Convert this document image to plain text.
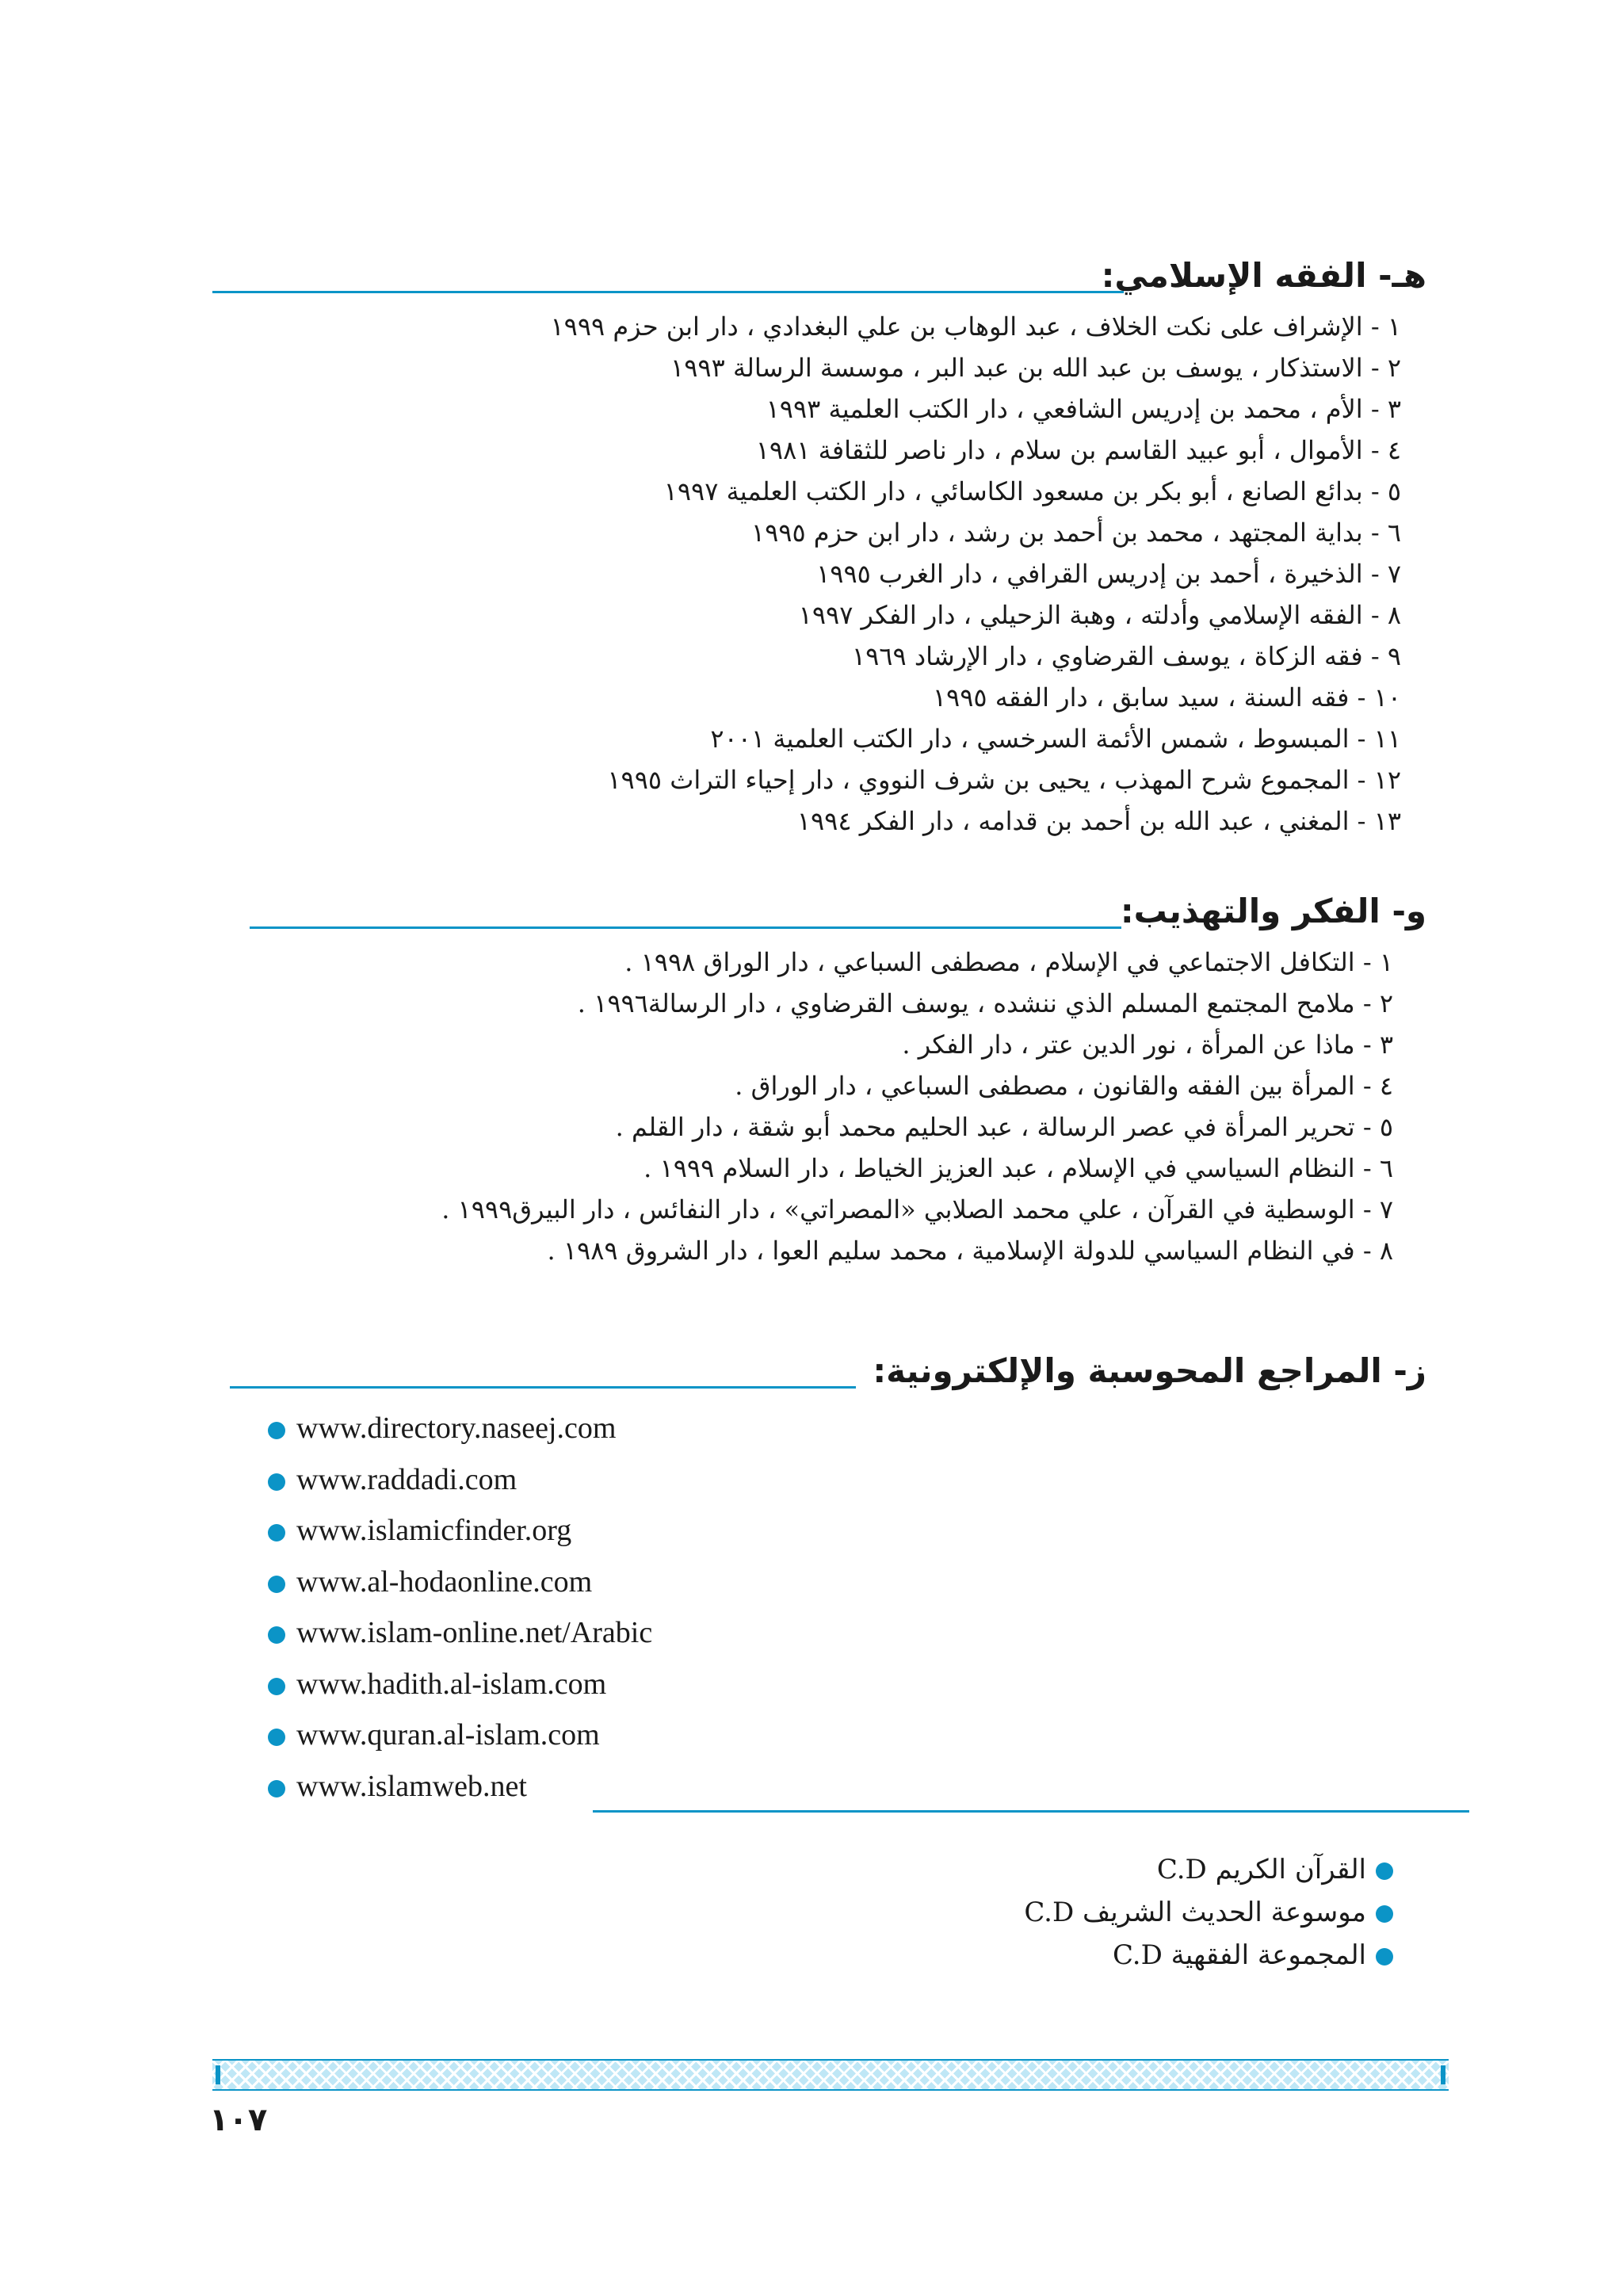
هـ- الفقه الإسلامي:
١ - الإشراف على نكت الخلاف ، عبد الوهاب بن علي البغدادي ، دار ابن حزم ١٩٩٩
٢ - الاستذكار ، يوسف بن عبد الله بن عبد البر ، موسسة الرسالة ١٩٩٣
٣ - الأم ، محمد بن إدريس الشافعي ، دار الكتب العلمية ١٩٩٣
٤ - الأموال ، أبو عبيد القاسم بن سلام ، دار ناصر للثقافة ١٩٨١
٥ - بدائع الصانع ، أبو بكر بن مسعود الكاسائي ، دار الكتب العلمية ١٩٩٧
٦ - بداية المجتهد ، محمد بن أحمد بن رشد ، دار ابن حزم ١٩٩٥
٧ - الذخيرة ، أحمد بن إدريس القرافي ، دار الغرب ١٩٩٥
٨ - الفقه الإسلامي وأدلته ، وهبة الزحيلي ، دار الفكر ١٩٩٧
٩ - فقه الزكاة ، يوسف القرضاوي ، دار الإرشاد ١٩٦٩
١٠ - فقه السنة ، سيد سابق ، دار الفقه ١٩٩٥
١١ - المبسوط ، شمس الأئمة السرخسي ، دار الكتب العلمية ٢٠٠١
١٢ - المجموع شرح المهذب ، يحيى بن شرف النووي ، دار إحياء التراث ١٩٩٥
١٣ - المغني ، عبد الله بن أحمد بن قدامه ، دار الفكر ١٩٩٤
و- الفكر والتهذيب:
١ - التكافل الاجتماعي في الإسلام ، مصطفى السباعي ، دار الوراق ١٩٩٨ .
٢ - ملامح المجتمع المسلم الذي ننشده ، يوسف القرضاوي ، دار الرسالة١٩٩٦ .
٣ - ماذا عن المرأة ، نور الدين عتر ، دار الفكر .
٤ - المرأة بين الفقه والقانون ، مصطفى السباعي ، دار الوراق .
٥ - تحرير المرأة في عصر الرسالة ، عبد الحليم محمد أبو شقة ، دار القلم .
٦ - النظام السياسي في الإسلام ، عبد العزيز الخياط ، دار السلام ١٩٩٩ .
٧ - الوسطية في القرآن ، علي محمد الصلابي «المصراتي» ، دار النفائس ، دار البيرق١٩٩٩ .
٨ - في النظام السياسي للدولة الإسلامية ، محمد سليم العوا ، دار الشروق ١٩٨٩ .
ز- المراجع المحوسبة والإلكترونية:
www.directory.naseej.com
www.raddadi.com
www.islamicfinder.org
www.al-hodaonline.com
www.islam-online.net/Arabic
www.hadith.al-islam.com
www.quran.al-islam.com
www.islamweb.net
القرآن الكريم C.D
موسوعة الحديث الشريف C.D
المجموعة الفقهية C.D
١٠٧
